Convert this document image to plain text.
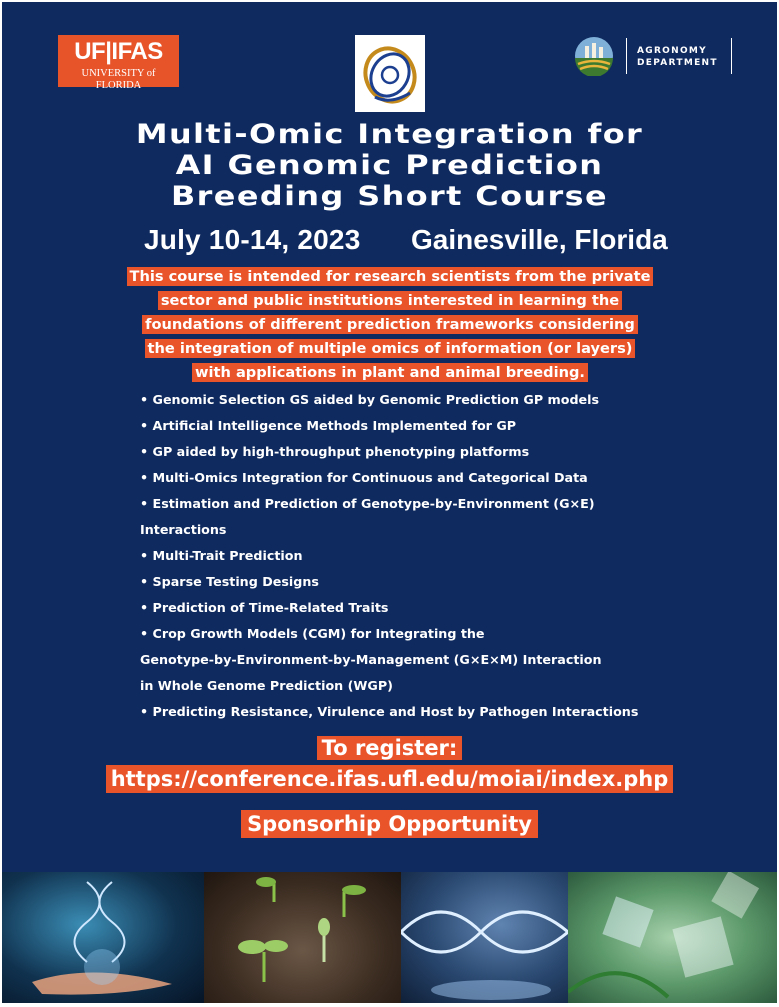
UF|IFAS
UNIVERSITY of FLORIDA
AGRONOMY
DEPARTMENT
Multi-Omic Integration for
AI Genomic Prediction
Breeding Short Course
July 10-14, 2023 Gainesville, Florida
This course is intended for research scientists from the private
sector and public institutions interested in learning the
foundations of different prediction frameworks considering
the integration of multiple omics of information (or layers)
with applications in plant and animal breeding.
• Genomic Selection GS aided by Genomic Prediction GP models
• Artificial Intelligence Methods Implemented for GP
• GP aided by high-throughput phenotyping platforms
• Multi-Omics Integration for Continuous and Categorical Data
• Estimation and Prediction of Genotype-by-Environment (G×E)
Interactions
• Multi-Trait Prediction
• Sparse Testing Designs
• Prediction of Time-Related Traits
• Crop Growth Models (CGM) for Integrating the
Genotype-by-Environment-by-Management (G×E×M) Interaction
in Whole Genome Prediction (WGP)
• Predicting Resistance, Virulence and Host by Pathogen Interactions
To register:
https://conference.ifas.ufl.edu/moiai/index.php
Sponsorhip Opportunity
